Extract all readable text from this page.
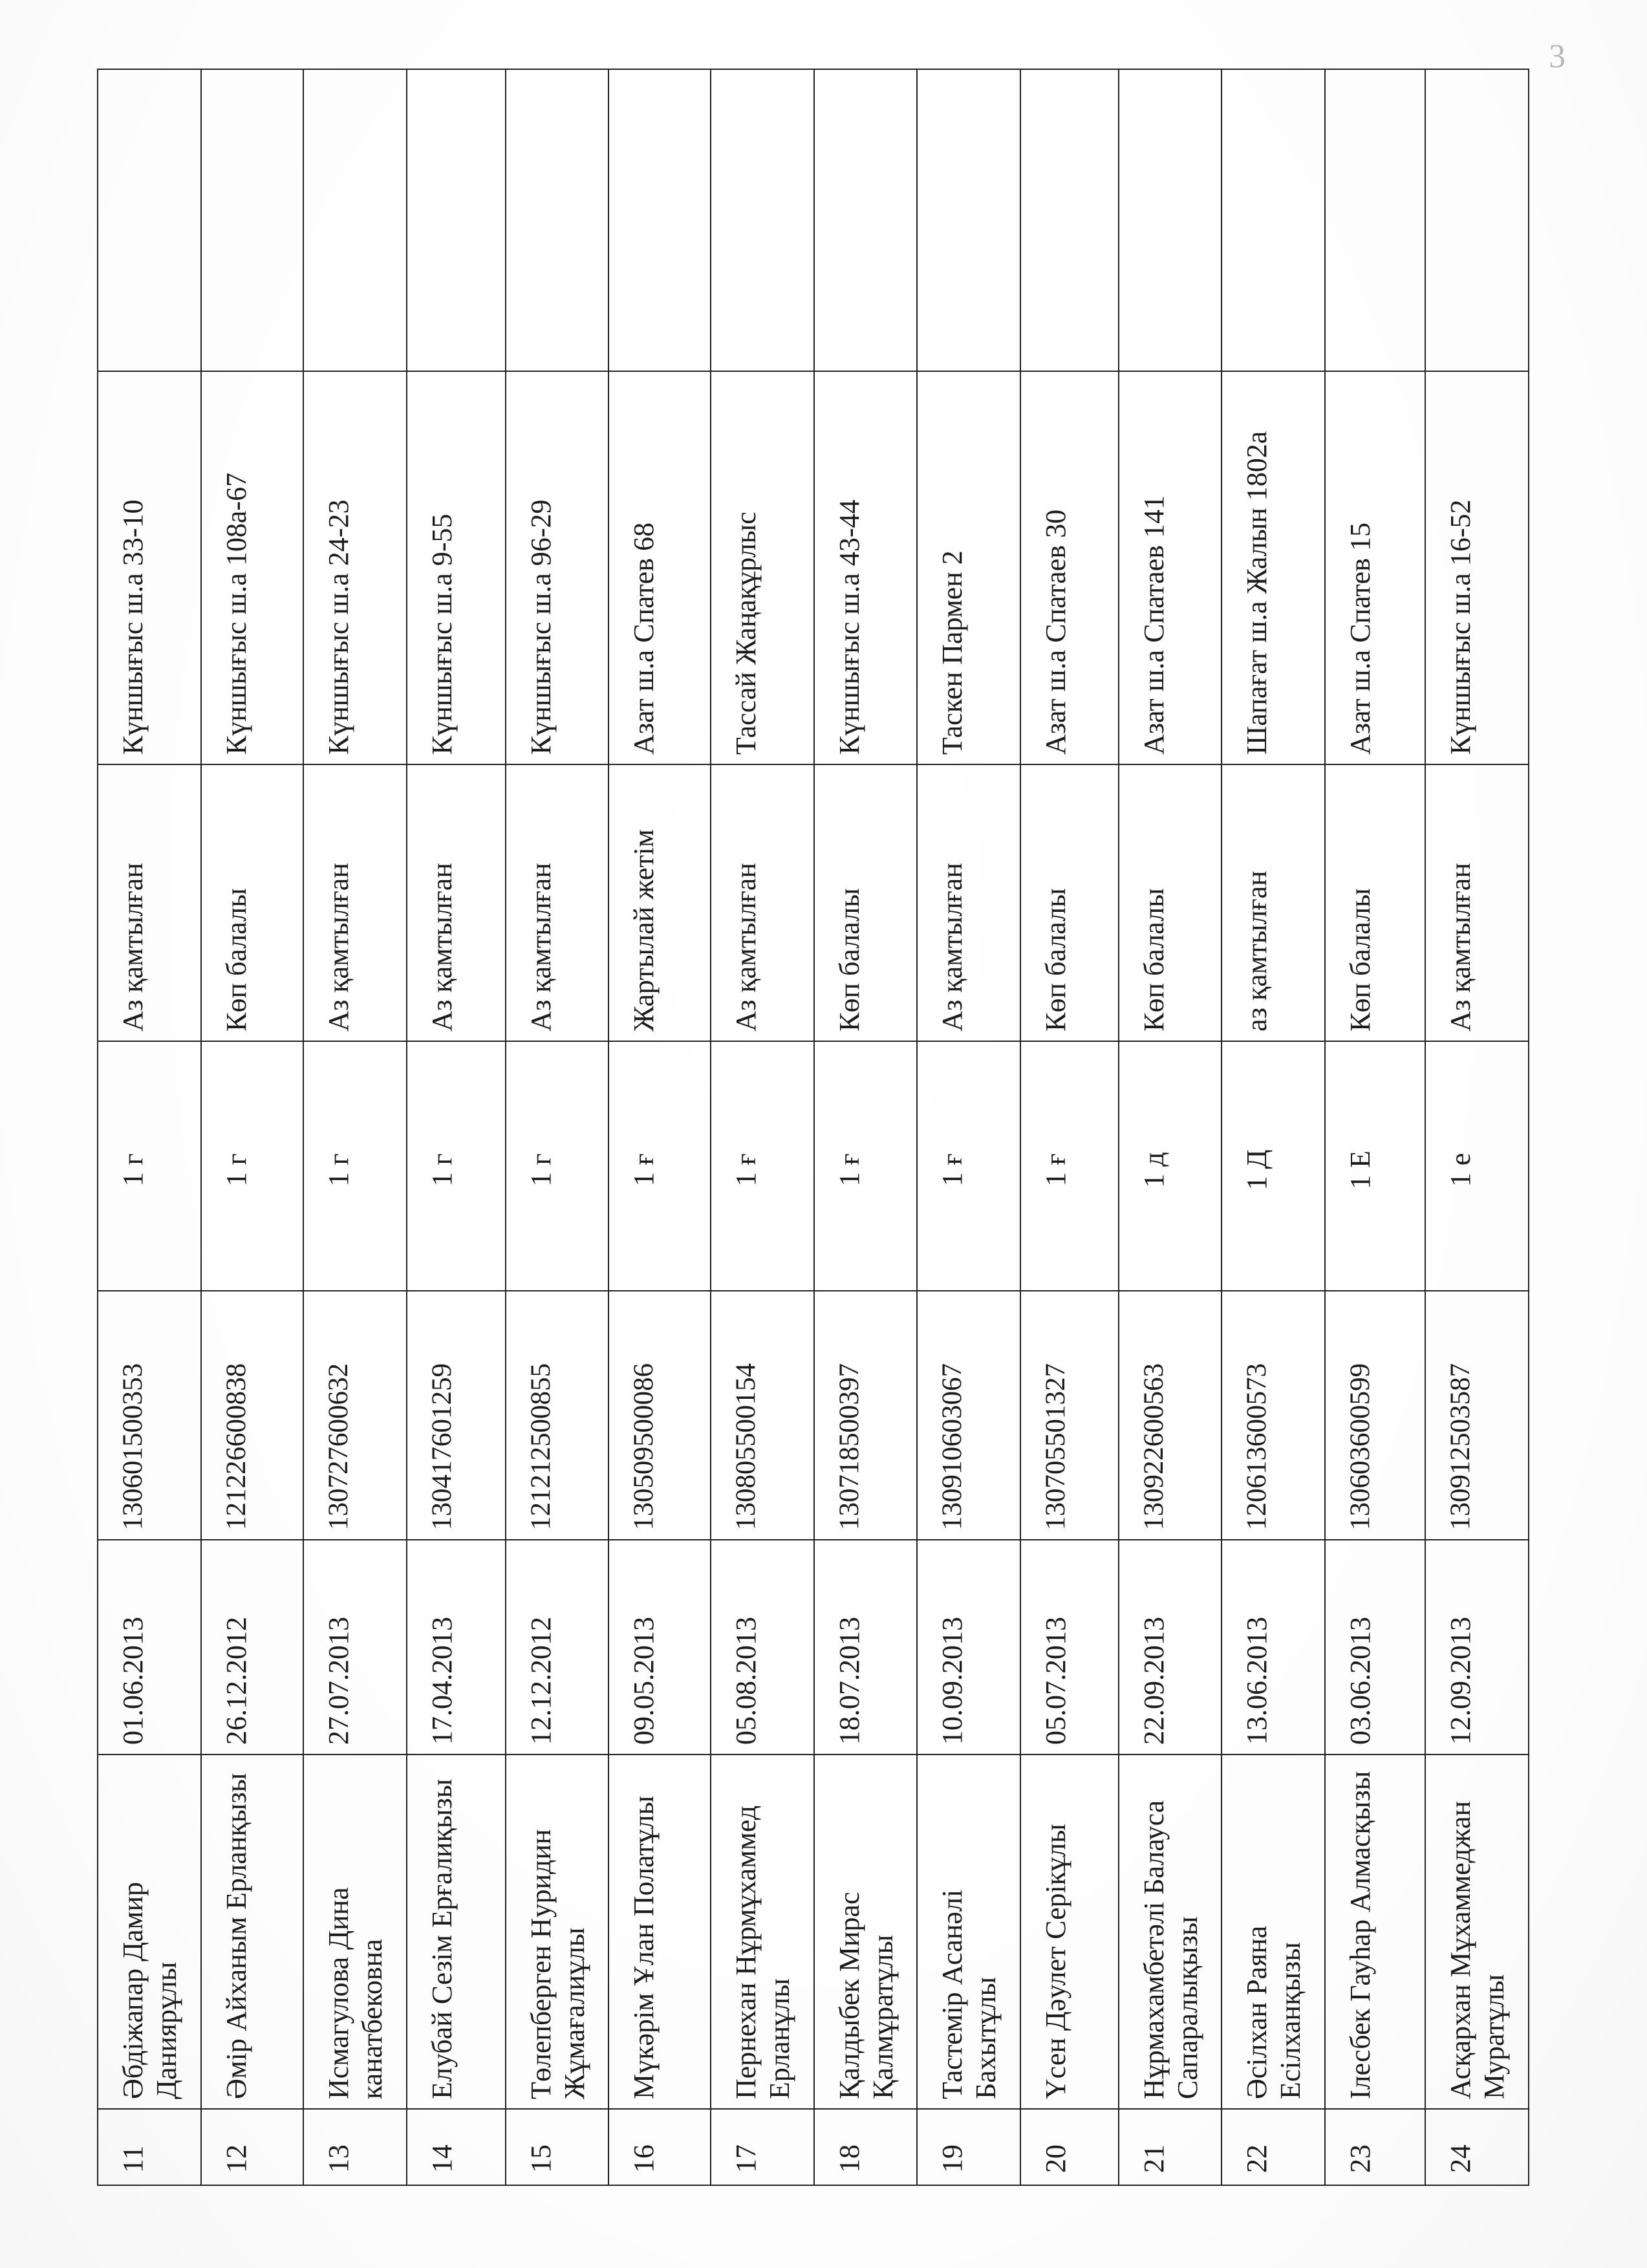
3
11	Әбдіжапар Дамир Даниярұлы	01.06.2013	130601500353	1 г	Аз қамтылған	Күншығыс ш.а 33-10	
12	Әмір Айханым Ерланқызы	26.12.2012	121226600838	1 г	Көп балалы	Күншығыс ш.а 108а-67	
13	Исмагулова Дина канатбековна	27.07.2013	130727600632	1 г	Аз қамтылған	Күншығыс ш.а 24-23	
14	Елубай Сезім Ерғалиқызы	17.04.2013	130417601259	1 г	Аз қамтылған	Күншығыс ш.а 9-55	
15	Төлепберген Нуридин Жұмағалиұлы	12.12.2012	121212500855	1 г	Аз қамтылған	Күншығыс ш.а 96-29	
16	Мүкәрім Ұлан Полатұлы	09.05.2013	130509500086	1 ғ	Жартылай жетім	Азат ш.а Спатев 68	
17	Пернехан Нұрмұхаммед Ерланұлы	05.08.2013	130805500154	1 ғ	Аз қамтылған	Тассай Жаңақұрлыс	
18	Қалдыбек Мирас Қалмұратұлы	18.07.2013	130718500397	1 ғ	Көп балалы	Күншығыс ш.а 43-44	
19	Тастемір Асанәлі Бахытұлы	10.09.2013	130910603067	1 ғ	Аз қамтылған	Таскен Пармен 2	
20	Үсен Дәулет Серікұлы	05.07.2013	130705501327	1 ғ	Көп балалы	Азат ш.а Спатаев 30	
21	Нұрмахамбетәлі Балауса Сапаралықызы	22.09.2013	130922600563	1 д	Көп балалы	Азат ш.а Спатаев 141	
22	Әсілхан Раяна Есілханқызы	13.06.2013	120613600573	1 Д	аз қамтылған	Шапағат ш.а Жалын 1802а	
23	Ілесбек Гауһар Алмасқызы	03.06.2013	130603600599	1 Е	Көп балалы	Азат ш.а Спатев 15	
24	Асқархан Мұхаммеджан Муратұлы	12.09.2013	130912503587	1 е	Аз қамтылған	Күншығыс ш.а 16-52	
